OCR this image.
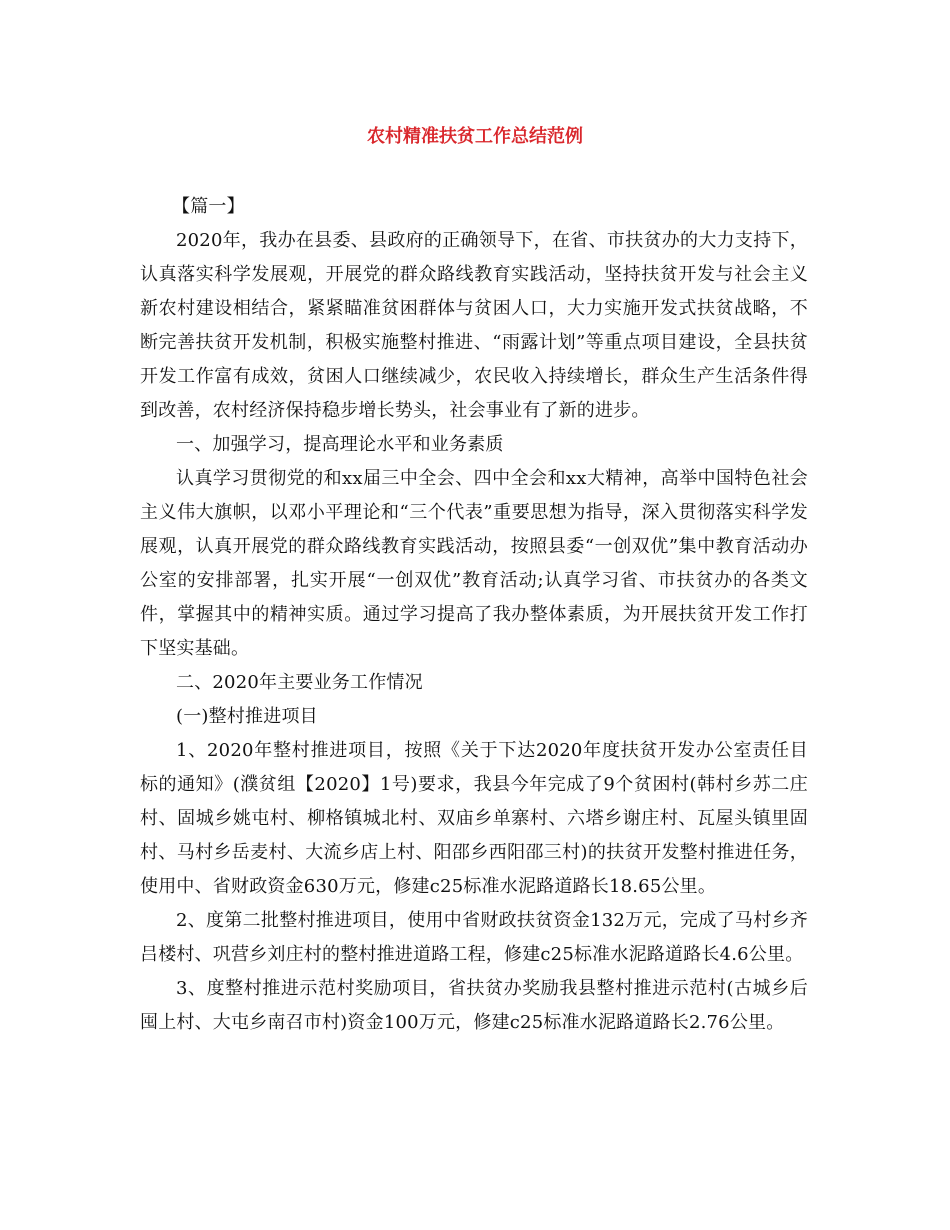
农村精准扶贫工作总结范例

【篇一】

2020年，我办在县委、县政府的正确领导下，在省、市扶贫办的大力支持下，认真落实科学发展观，开展党的群众路线教育实践活动，坚持扶贫开发与社会主义新农村建设相结合，紧紧瞄准贫困群体与贫困人口，大力实施开发式扶贫战略，不断完善扶贫开发机制，积极实施整村推进、“雨露计划”等重点项目建设，全县扶贫开发工作富有成效，贫困人口继续减少，农民收入持续增长，群众生产生活条件得到改善，农村经济保持稳步增长势头，社会事业有了新的进步。

一、加强学习，提高理论水平和业务素质

认真学习贯彻党的和xx届三中全会、四中全会和xx大精神，高举中国特色社会主义伟大旗帜，以邓小平理论和“三个代表”重要思想为指导，深入贯彻落实科学发展观，认真开展党的群众路线教育实践活动，按照县委“一创双优”集中教育活动办公室的安排部署，扎实开展“一创双优”教育活动;认真学习省、市扶贫办的各类文件，掌握其中的精神实质。通过学习提高了我办整体素质，为开展扶贫开发工作打下坚实基础。

二、2020年主要业务工作情况

(一)整村推进项目

1、2020年整村推进项目，按照《关于下达2020年度扶贫开发办公室责任目标的通知》(濮贫组【2020】1号)要求，我县今年完成了9个贫困村(韩村乡苏二庄村、固城乡姚屯村、柳格镇城北村、双庙乡单寨村、六塔乡谢庄村、瓦屋头镇里固村、马村乡岳麦村、大流乡店上村、阳邵乡西阳邵三村)的扶贫开发整村推进任务，使用中、省财政资金630万元，修建c25标准水泥路道路长18.65公里。

2、度第二批整村推进项目，使用中省财政扶贫资金132万元，完成了马村乡齐吕楼村、巩营乡刘庄村的整村推进道路工程，修建c25标准水泥路道路长4.6公里。

3、度整村推进示范村奖励项目，省扶贫办奖励我县整村推进示范村(古城乡后囤上村、大屯乡南召市村)资金100万元，修建c25标准水泥路道路长2.76公里。
